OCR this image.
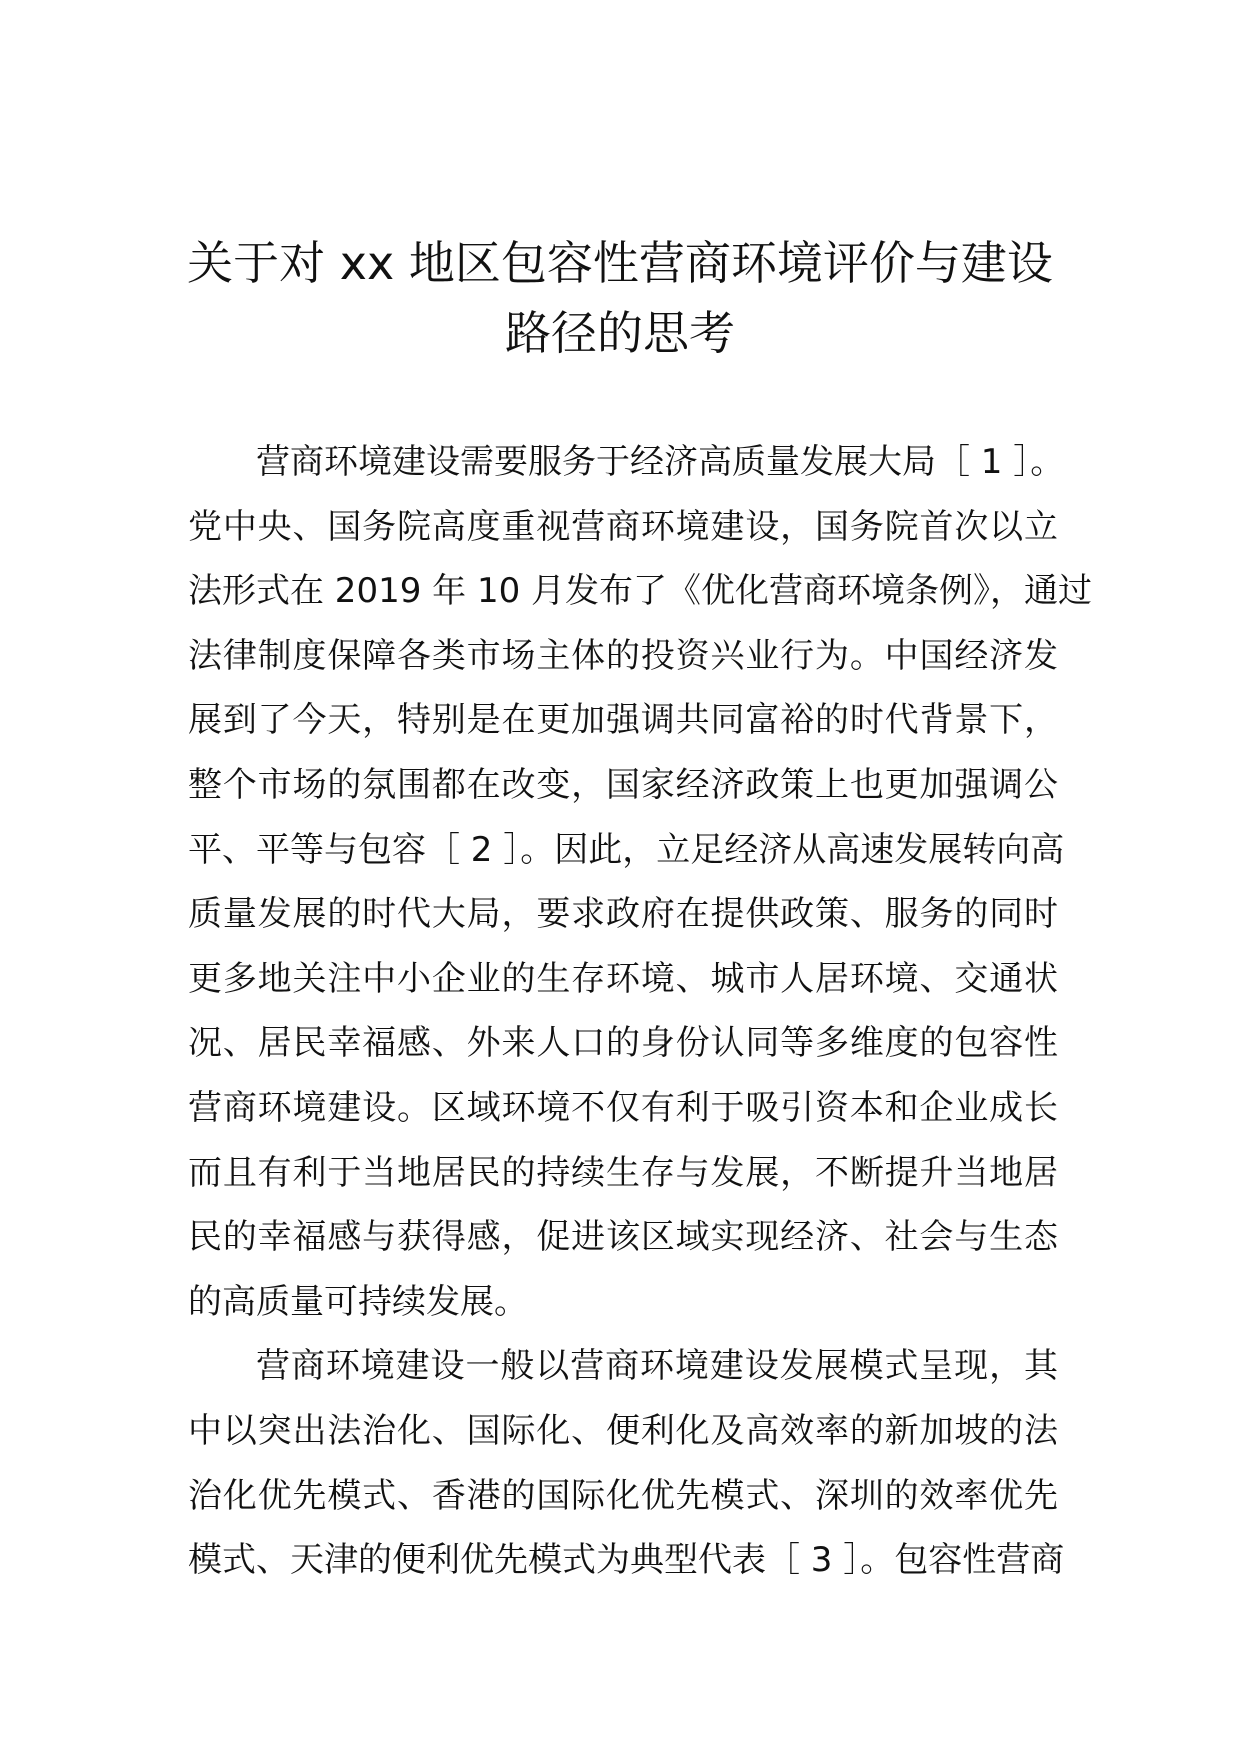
关于对 xx 地区包容性营商环境评价与建设
路径的思考
营商环境建设需要服务于经济高质量发展大局［ 1 ］。
党中央、国务院高度重视营商环境建设，国务院首次以立
法形式在 2019 年 10 月发布了《优化营商环境条例》，通过
法律制度保障各类市场主体的投资兴业行为。中国经济发
展到了今天，特别是在更加强调共同富裕的时代背景下，
整个市场的氛围都在改变，国家经济政策上也更加强调公
平、平等与包容［ 2 ］。因此，立足经济从高速发展转向高
质量发展的时代大局，要求政府在提供政策、服务的同时
更多地关注中小企业的生存环境、城市人居环境、交通状
况、居民幸福感、外来人口的身份认同等多维度的包容性
营商环境建设。区域环境不仅有利于吸引资本和企业成长
而且有利于当地居民的持续生存与发展，不断提升当地居
民的幸福感与获得感，促进该区域实现经济、社会与生态
的高质量可持续发展。
营商环境建设一般以营商环境建设发展模式呈现，其
中以突出法治化、国际化、便利化及高效率的新加坡的法
治化优先模式、香港的国际化优先模式、深圳的效率优先
模式、天津的便利优先模式为典型代表［ 3 ］。包容性营商
